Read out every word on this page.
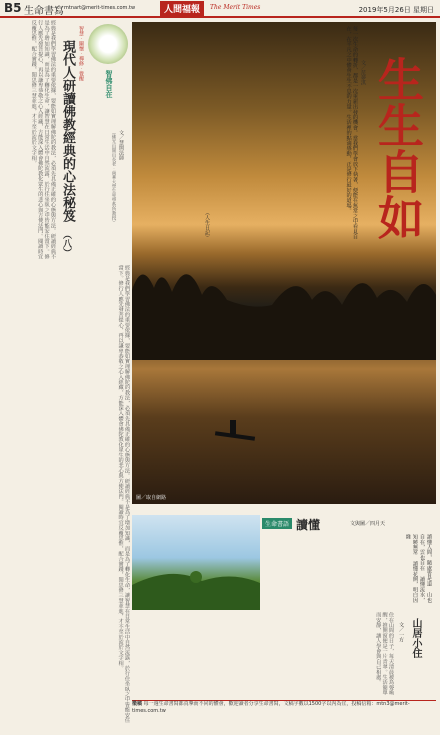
B5 生命書寫 mtnart@merit-times.com.tw	人間福報	The Merit Times	2019年5月26日 星期日
智慧‧關懷‧禪修‧覺醒
智佛自在
現代人研讀佛教經典的心法秘笈
（八）
文／慧開法師
（佛光山開山長老‧南華大學生死學系所教授）
經典是我們學習佛法的重要依據，要能如實理解佛陀的教法，必須先具備正確的心態與方法。研讀經典不是為了增加知識，而是為了轉化生命，讓智慧在日常生活中自然流露，於行住坐臥之中皆能安住當下。修行人應先發菩提心，再以謙卑恭敬之心入經藏，方能深入體會佛陀教化眾生的悲心與方便法門。閱讀時宜反覆思惟，配合實踐，聞思修三慧並進，才不至於流於文字相。
經典是我們學習佛法的重要依據，要能如實理解佛陀的教法，必須先具備正確的心態與方法。研讀經典不是為了增加知識，而是為了轉化生命，讓智慧在日常生活中自然流露，於行住坐臥之中皆能安住當下。修行人應先發菩提心，再以謙卑恭敬之心入經藏，方能深入體會佛陀教化眾生的悲心與方便法門。閱讀時宜反覆思惟，配合實踐，聞思修三慧並進，才不至於流於文字相。	圖／取自網路
生生自如
文／范夢淇
每一次生命的轉折，都是一次重新出發的機會。當我們學會放下執著，便能在無常之中看見自在，在平凡之中體會生生不息的力量。生活裡的點滴感動，正是修行最好的道場。
（人生日記）
生命書語 讀懂	文與圖／四月天
讀懂人間，隨處皆是道 山也自在，雲也自在 讀懂流水，知曉無常 讀懂花開，明白因緣
山居小住
文／一方
住在山間的日子，每天清晨被鳥聲喚醒，推開窗便是一片青翠。生活簡單而安靜，讓人學會與自己相處。
徵稿 每一週生命書寫都真摯而不同的體會，歡迎讀者分享生命書寫，文稿字數以1500字以內為宜，投稿信箱：mtn3@merit-times.com.tw
